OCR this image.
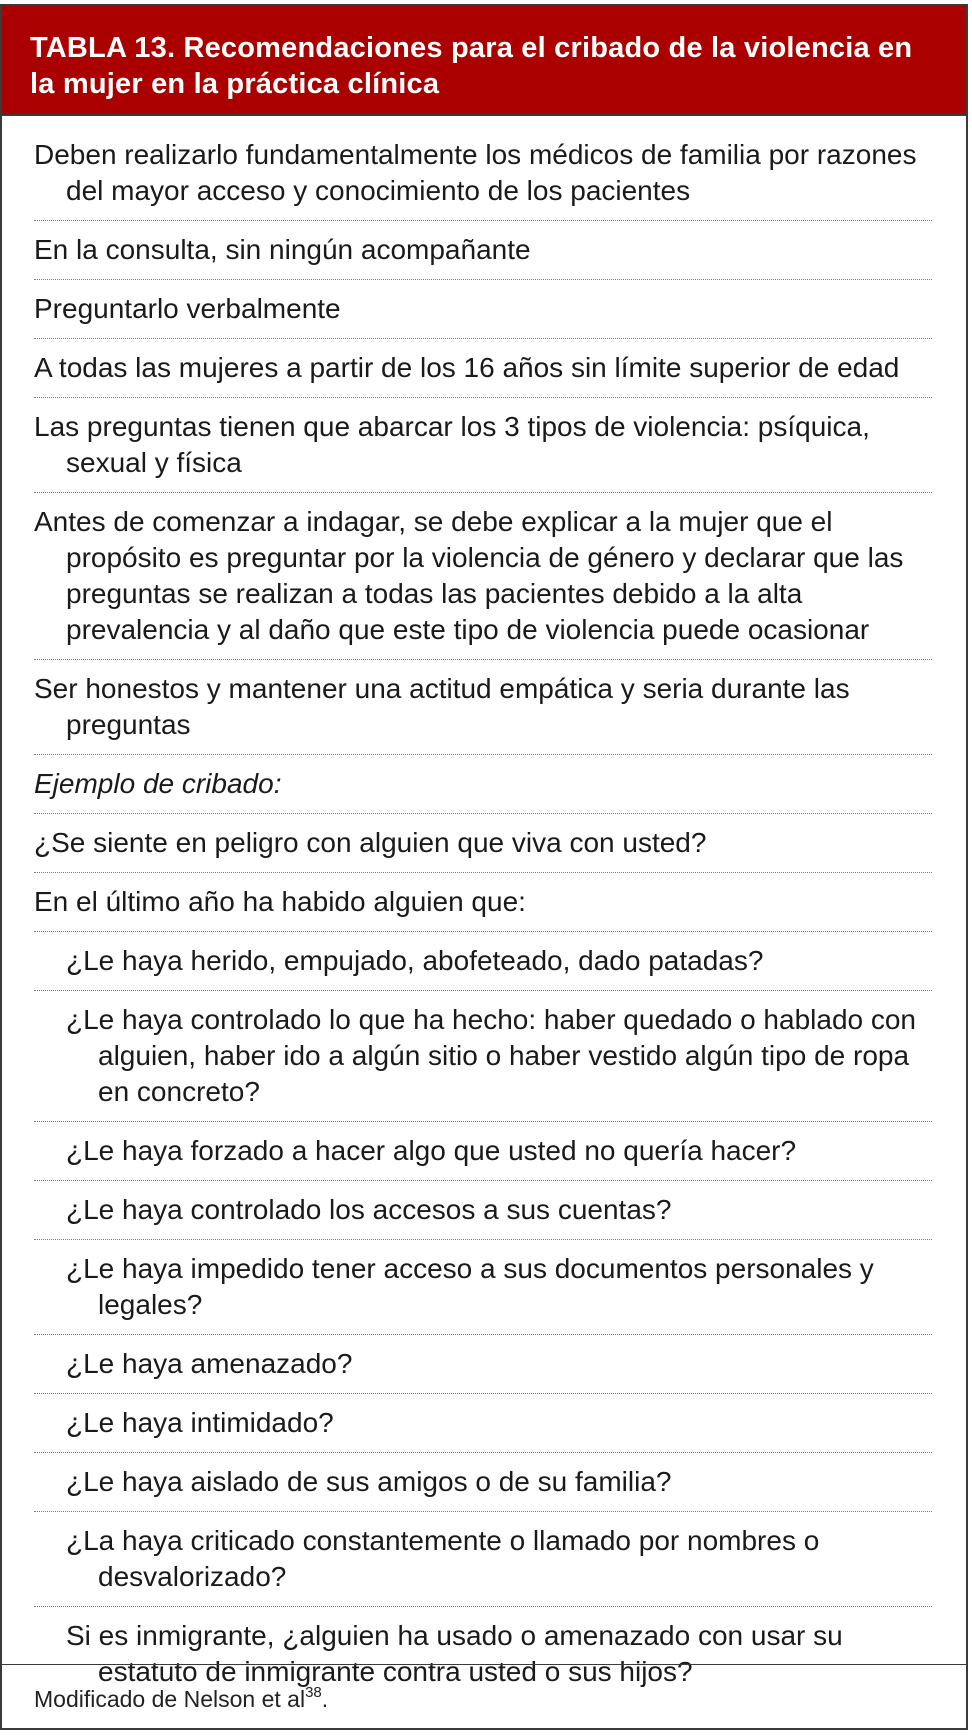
TABLA 13. Recomendaciones para el cribado de la violencia en la mujer en la práctica clínica
Deben realizarlo fundamentalmente los médicos de familia por razones del mayor acceso y conocimiento de los pacientes
En la consulta, sin ningún acompañante
Preguntarlo verbalmente
A todas las mujeres a partir de los 16 años sin límite superior de edad
Las preguntas tienen que abarcar los 3 tipos de violencia: psíquica, sexual y física
Antes de comenzar a indagar, se debe explicar a la mujer que el propósito es preguntar por la violencia de género y declarar que las preguntas se realizan a todas las pacientes debido a la alta prevalencia y al daño que este tipo de violencia puede ocasionar
Ser honestos y mantener una actitud empática y seria durante las preguntas
Ejemplo de cribado:
¿Se siente en peligro con alguien que viva con usted?
En el último año ha habido alguien que:
¿Le haya herido, empujado, abofeteado, dado patadas?
¿Le haya controlado lo que ha hecho: haber quedado o hablado con alguien, haber ido a algún sitio o haber vestido algún tipo de ropa en concreto?
¿Le haya forzado a hacer algo que usted no quería hacer?
¿Le haya controlado los accesos a sus cuentas?
¿Le haya impedido tener acceso a sus documentos personales y legales?
¿Le haya amenazado?
¿Le haya intimidado?
¿Le haya aislado de sus amigos o de su familia?
¿La haya criticado constantemente o llamado por nombres o desvalorizado?
Si es inmigrante, ¿alguien ha usado o amenazado con usar su estatuto de inmigrante contra usted o sus hijos?
Modificado de Nelson et $al^{38}$.
